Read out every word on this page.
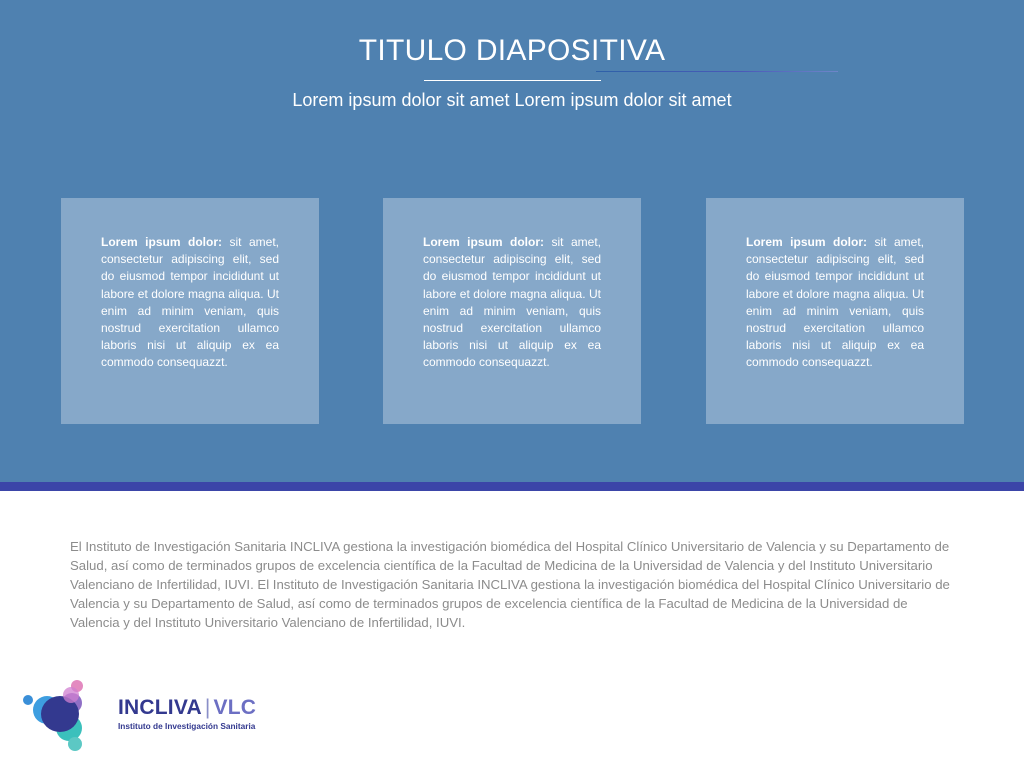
TITULO DIAPOSITIVA
Lorem ipsum dolor sit amet Lorem ipsum dolor sit amet
Lorem ipsum dolor: sit amet, consectetur adipiscing elit, sed do eiusmod tempor incididunt ut labore et dolore magna aliqua. Ut enim ad minim veniam, quis nostrud exercitation ullamco laboris nisi ut aliquip ex ea commodo consequazzt.
Lorem ipsum dolor: sit amet, consectetur adipiscing elit, sed do eiusmod tempor incididunt ut labore et dolore magna aliqua. Ut enim ad minim veniam, quis nostrud exercitation ullamco laboris nisi ut aliquip ex ea commodo consequazzt.
Lorem ipsum dolor: sit amet, consectetur adipiscing elit, sed do eiusmod tempor incididunt ut labore et dolore magna aliqua. Ut enim ad minim veniam, quis nostrud exercitation ullamco laboris nisi ut aliquip ex ea commodo consequazzt.
El Instituto de Investigación Sanitaria INCLIVA gestiona la investigación biomédica del Hospital Clínico Universitario de Valencia y su Departamento de Salud, así como de terminados grupos de excelencia científica de la Facultad de Medicina de la Universidad de Valencia y del Instituto Universitario Valenciano de Infertilidad, IUVI. El Instituto de Investigación Sanitaria INCLIVA gestiona la investigación biomédica del Hospital Clínico Universitario de Valencia y su Departamento de Salud, así como de terminados grupos de excelencia científica de la Facultad de Medicina de la Universidad de Valencia y del Instituto Universitario Valenciano de Infertilidad, IUVI.
INCLIVA | VLC
Instituto de Investigación Sanitaria
